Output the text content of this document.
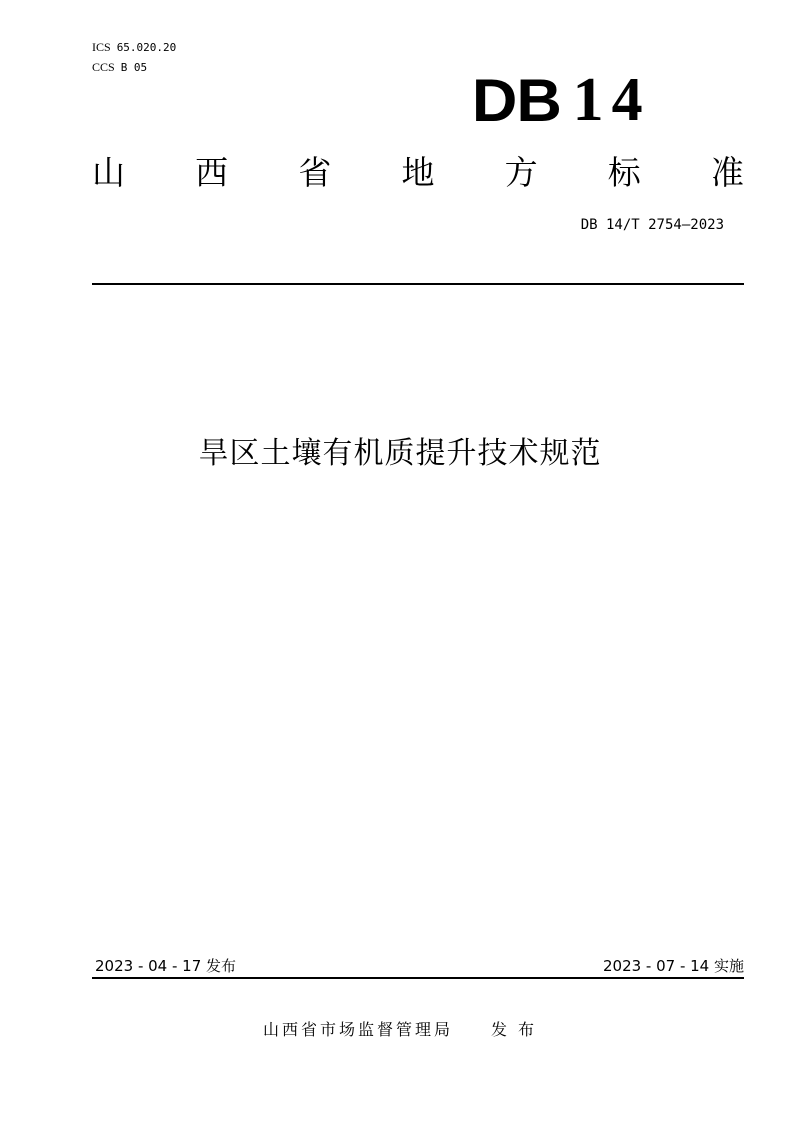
ICS 65.020.20
CCS B 05	DB 14
山 西 省 地 方 标 准
DB 14/T 2754—2023
旱区土壤有机质提升技术规范
2023 - 04 - 17 发布	2023 - 07 - 14 实施
山西省市场监督管理局　　发 布
